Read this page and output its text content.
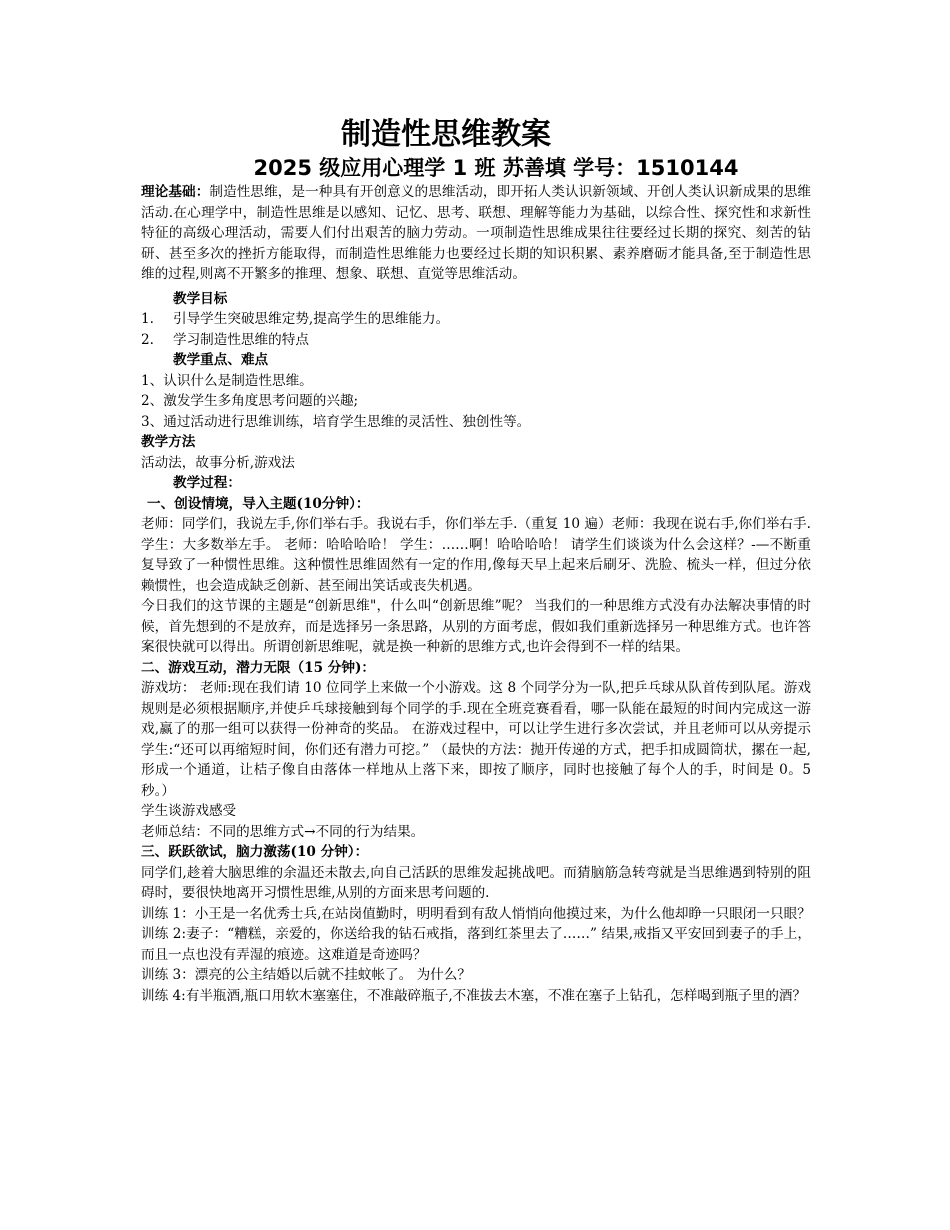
制造性思维教案
2025 级应用心理学 1 班 苏善填 学号：1510144

理论基础：制造性思维，是一种具有开创意义的思维活动，即开拓人类认识新领域、开创人类认识新成果的思维活动.在心理学中，制造性思维是以感知、记忆、思考、联想、理解等能力为基础，以综合性、探究性和求新性特征的高级心理活动，需要人们付出艰苦的脑力劳动。一项制造性思维成果往往要经过长期的探究、刻苦的钻研、甚至多次的挫折方能取得，而制造性思维能力也要经过长期的知识积累、素养磨砺才能具备,至于制造性思维的过程,则离不开繁多的推理、想象、联想、直觉等思维活动。

教学目标
1.	引导学生突破思维定势,提高学生的思维能力。
2.	学习制造性思维的特点
教学重点、难点
1、认识什么是制造性思维。
2、激发学生多角度思考问题的兴趣;
3、通过活动进行思维训练，培育学生思维的灵活性、独创性等。
教学方法
活动法，故事分析,游戏法
教学过程：
一、创设情境，导入主题(10分钟）：

老师：同学们，我说左手,你们举右手。我说右手，你们举左手.（重复 10 遍）老师：我现在说右手,你们举右手.学生：大多数举左手。 老师：哈哈哈哈！ 学生：……啊！哈哈哈哈！ 请学生们谈谈为什么会这样？-—不断重复导致了一种惯性思维。这种惯性思维固然有一定的作用,像每天早上起来后刷牙、洗脸、梳头一样，但过分依赖惯性，也会造成缺乏创新、甚至闹出笑话或丧失机遇。

今日我们的这节课的主题是“创新思维"，什么叫“创新思维”呢？ 当我们的一种思维方式没有办法解决事情的时候，首先想到的不是放弃，而是选择另一条思路，从别的方面考虑，假如我们重新选择另一种思维方式。也许答案很快就可以得出。所谓创新思维呢，就是换一种新的思维方式,也许会得到不一样的结果。

二、游戏互动，潜力无限（15 分钟)：

游戏坊： 老师:现在我们请 10 位同学上来做一个小游戏。这 8 个同学分为一队,把乒乓球从队首传到队尾。游戏规则是必须根据顺序,并使乒乓球接触到每个同学的手.现在全班竞赛看看，哪一队能在最短的时间内完成这一游戏,赢了的那一组可以获得一份神奇的奖品。 在游戏过程中，可以让学生进行多次尝试，并且老师可以从旁提示学生:“还可以再缩短时间，你们还有潜力可挖。” （最快的方法：抛开传递的方式，把手扣成圆筒状，摞在一起,形成一个通道，让桔子像自由落体一样地从上落下来，即按了顺序，同时也接触了每个人的手，时间是 0。5 秒。）

学生谈游戏感受

老师总结：不同的思维方式→不同的行为结果。

三、跃跃欲试，脑力激荡(10 分钟）：

同学们,趁着大脑思维的余温还未散去,向自己活跃的思维发起挑战吧。而猜脑筋急转弯就是当思维遇到特别的阻碍时，要很快地离开习惯性思维,从别的方面来思考问题的.

训练 1：小王是一名优秀士兵,在站岗值勤时，明明看到有敌人悄悄向他摸过来，为什么他却睁一只眼闭一只眼？

训练 2:妻子：“糟糕，亲爱的，你送给我的钻石戒指，落到红茶里去了……” 结果,戒指又平安回到妻子的手上，而且一点也没有弄湿的痕迹。这难道是奇迹吗？

训练 3：漂亮的公主结婚以后就不挂蚊帐了。 为什么？

训练 4:有半瓶酒,瓶口用软木塞塞住，不准敲碎瓶子,不准拔去木塞，不准在塞子上钻孔，怎样喝到瓶子里的酒？
